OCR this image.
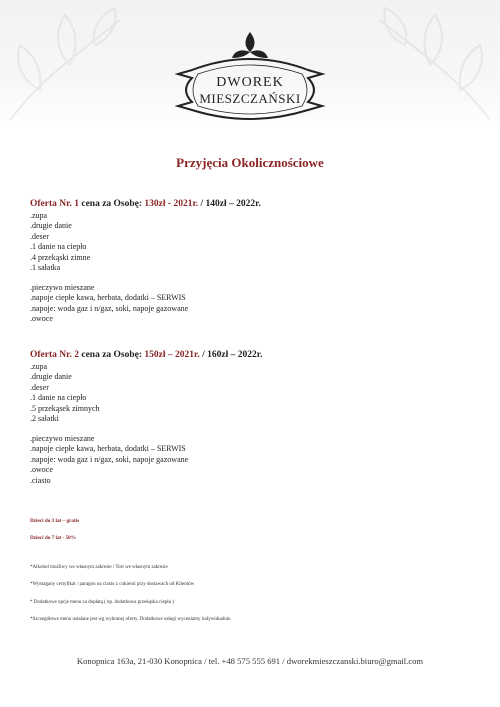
DWOREK
MIESZCZAŃSKI
Przyjęcia Okolicznościowe
Oferta Nr. 1 cena za Osobę: 130zł - 2021r. / 140zł – 2022r.
.zupa
.drugie danie
.deser
.1 danie na ciepło
.4 przekąski zimne
.1 sałatka
.pieczywo mieszane
.napoje ciepłe kawa, herbata, dodatki – SERWIS
.napoje: woda gaz i n/gaz, soki, napoje gazowane
.owoce
Oferta Nr. 2 cena za Osobę: 150zł – 2021r. / 160zł – 2022r.
.zupa
.drugie danie
.deser
.1 danie na ciepło
.5 przekąsek zimnych
.2 sałatki
.pieczywo mieszane
.napoje ciepłe kawa, herbata, dodatki – SERWIS
.napoje: woda gaz i n/gaz, soki, napoje gazowane
.owoce
.ciasto
Dzieci do 3 lat – gratis
Dzieci do 7 lat - 50%
*Alkohol możliwy we własnym zakresie / Tort we własnym zakresie
*Wymagany certyfikat / paragon na ciasto z cukierni przy dostawach od Klientów
* Dodatkowe opcje menu za dopłatą ( np. dodatkowa przekąska ciepła )
*Szczegółowe menu ustalane jest wg wybranej oferty. Dodatkowe usługi wyceniamy indywidualnie.
Konopnica 163a, 21-030 Konopnica / tel. +48 575 555 691 / dworekmieszczanski.biuro@gmail.com
